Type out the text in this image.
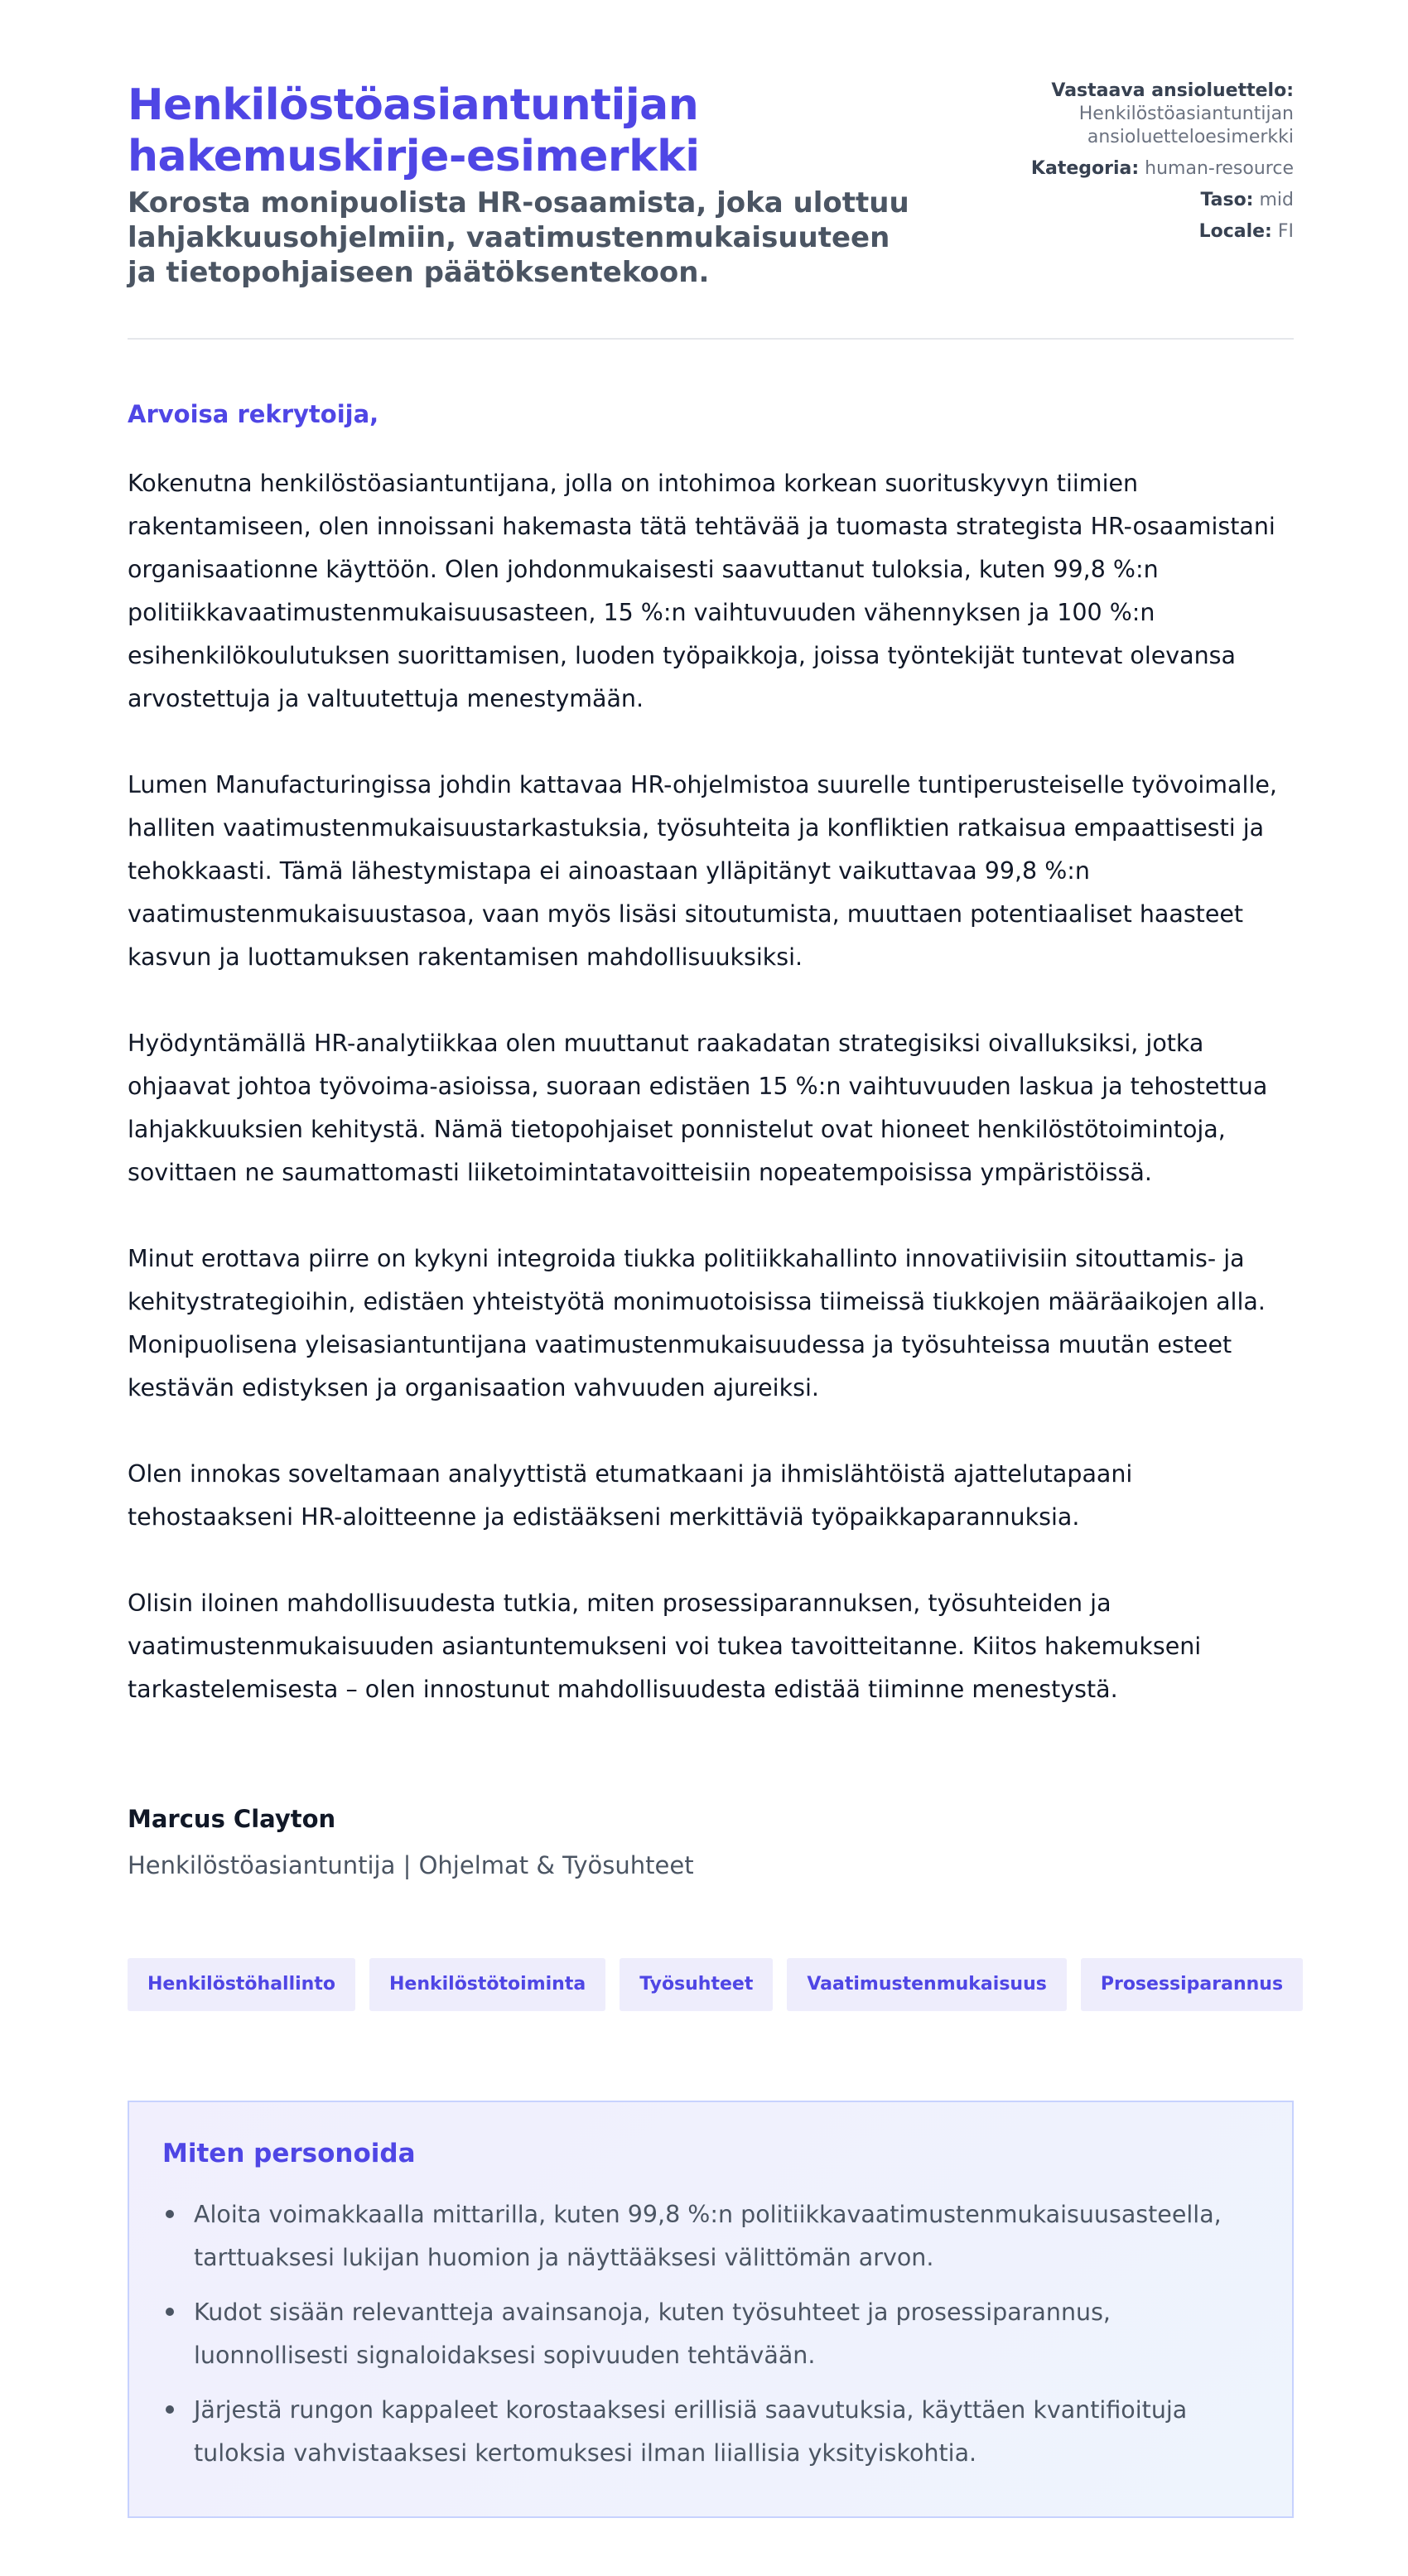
Henkilöstöasiantuntijan hakemuskirje-esimerkki

Korosta monipuolista HR-osaamista, joka ulottuu lahjakkuusohjelmiin, vaatimustenmukaisuuteen ja tietopohjaiseen päätöksentekoon.

Vastaava ansioluettelo:
Henkilöstöasiantuntijan ansioluetteloesimerkki
Kategoria: human-resource
Taso: mid
Locale: FI
Arvoisa rekrytoija,

Kokenutna henkilöstöasiantuntijana, jolla on intohimoa korkean suorituskyvyn tiimien rakentamiseen, olen innoissani hakemasta tätä tehtävää ja tuomasta strategista HR-osaamistani organisaationne käyttöön. Olen johdonmukaisesti saavuttanut tuloksia, kuten 99,8 %:n politiikkavaatimustenmukaisuusasteen, 15 %:n vaihtuvuuden vähennyksen ja 100 %:n esihenkilökoulutuksen suorittamisen, luoden työpaikkoja, joissa työntekijät tuntevat olevansa arvostettuja ja valtuutettuja menestymään.

Lumen Manufacturingissa johdin kattavaa HR-ohjelmistoa suurelle tuntiperusteiselle työvoimalle, halliten vaatimustenmukaisuustarkastuksia, työsuhteita ja konfliktien ratkaisua empaattisesti ja tehokkaasti. Tämä lähestymistapa ei ainoastaan ylläpitänyt vaikuttavaa 99,8 %:n vaatimustenmukaisuustasoa, vaan myös lisäsi sitoutumista, muuttaen potentiaaliset haasteet kasvun ja luottamuksen rakentamisen mahdollisuuksiksi.

Hyödyntämällä HR-analytiikkaa olen muuttanut raakadatan strategisiksi oivalluksiksi, jotka ohjaavat johtoa työvoima-asioissa, suoraan edistäen 15 %:n vaihtuvuuden laskua ja tehostettua lahjakkuuksien kehitystä. Nämä tietopohjaiset ponnistelut ovat hioneet henkilöstötoimintoja, sovittaen ne saumattomasti liiketoimintatavoitteisiin nopeatempoisissa ympäristöissä.

Minut erottava piirre on kykyni integroida tiukka politiikkahallinto innovatiivisiin sitouttamis- ja kehitystrategioihin, edistäen yhteistyötä monimuotoisissa tiimeissä tiukkojen määräaikojen alla. Monipuolisena yleisasiantuntijana vaatimustenmukaisuudessa ja työsuhteissa muutän esteet kestävän edistyksen ja organisaation vahvuuden ajureiksi.

Olen innokas soveltamaan analyyttistä etumatkaani ja ihmislähtöistä ajattelutapaani tehostaakseni HR-aloitteenne ja edistääkseni merkittäviä työpaikkaparannuksia.

Olisin iloinen mahdollisuudesta tutkia, miten prosessiparannuksen, työsuhteiden ja vaatimustenmukaisuuden asiantuntemukseni voi tukea tavoitteitanne. Kiitos hakemukseni tarkastelemisesta – olen innostunut mahdollisuudesta edistää tiiminne menestystä.

Marcus Clayton
Henkilöstöasiantuntija | Ohjelmat & Työsuhteet
Henkilöstöhallinto	Henkilöstötoiminta	Työsuhteet	Vaatimustenmukaisuus	Prosessiparannus
Miten personoida
Aloita voimakkaalla mittarilla, kuten 99,8 %:n politiikkavaatimustenmukaisuusasteella, tarttuaksesi lukijan huomion ja näyttääksesi välittömän arvon.
Kudot sisään relevantteja avainsanoja, kuten työsuhteet ja prosessiparannus, luonnollisesti signaloidaksesi sopivuuden tehtävään.
Järjestä rungon kappaleet korostaaksesi erillisiä saavutuksia, käyttäen kvantifioituja tuloksia vahvistaaksesi kertomuksesi ilman liiallisia yksityiskohtia.
